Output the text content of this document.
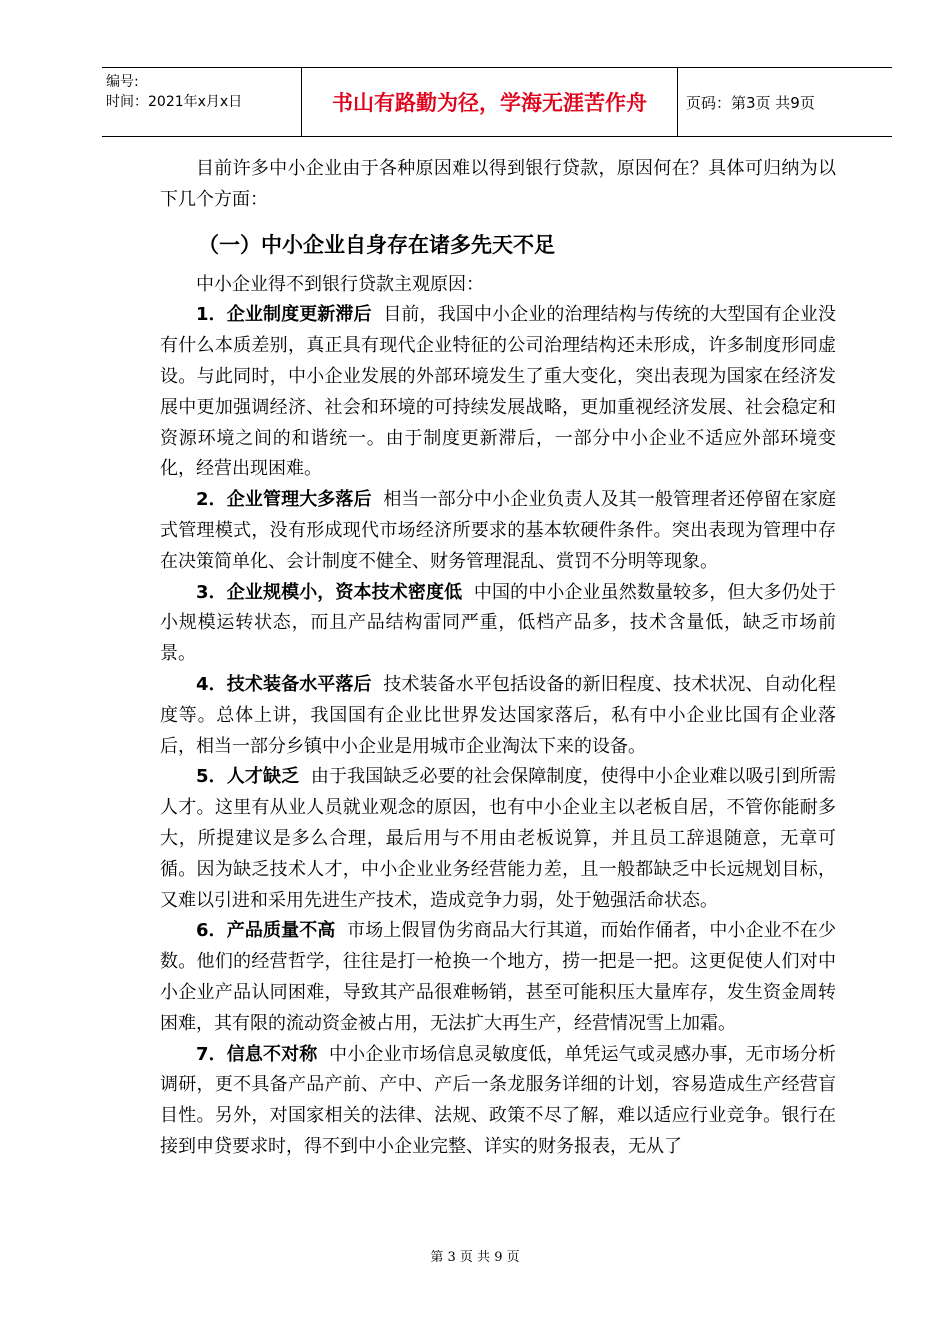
编号:
时间：2021年x月x日	书山有路勤为径，学海无涯苦作舟	页码：第3页 共9页

目前许多中小企业由于各种原因难以得到银行贷款，原因何在？具体可归纳为以下几个方面：

（一）中小企业自身存在诸多先天不足

中小企业得不到银行贷款主观原因：

1．企业制度更新滞后 目前，我国中小企业的治理结构与传统的大型国有企业没有什么本质差别，真正具有现代企业特征的公司治理结构还未形成，许多制度形同虚设。与此同时，中小企业发展的外部环境发生了重大变化，突出表现为国家在经济发展中更加强调经济、社会和环境的可持续发展战略，更加重视经济发展、社会稳定和资源环境之间的和谐统一。由于制度更新滞后，一部分中小企业不适应外部环境变化，经营出现困难。

2．企业管理大多落后 相当一部分中小企业负责人及其一般管理者还停留在家庭式管理模式，没有形成现代市场经济所要求的基本软硬件条件。突出表现为管理中存在决策简单化、会计制度不健全、财务管理混乱、赏罚不分明等现象。

3．企业规模小，资本技术密度低 中国的中小企业虽然数量较多，但大多仍处于小规模运转状态，而且产品结构雷同严重，低档产品多，技术含量低，缺乏市场前景。

4．技术装备水平落后 技术装备水平包括设备的新旧程度、技术状况、自动化程度等。总体上讲，我国国有企业比世界发达国家落后，私有中小企业比国有企业落后，相当一部分乡镇中小企业是用城市企业淘汰下来的设备。

5．人才缺乏 由于我国缺乏必要的社会保障制度，使得中小企业难以吸引到所需人才。这里有从业人员就业观念的原因，也有中小企业主以老板自居，不管你能耐多大，所提建议是多么合理，最后用与不用由老板说算，并且员工辞退随意，无章可循。因为缺乏技术人才，中小企业业务经营能力差，且一般都缺乏中长远规划目标，又难以引进和采用先进生产技术，造成竞争力弱，处于勉强活命状态。

6．产品质量不高 市场上假冒伪劣商品大行其道，而始作俑者，中小企业不在少数。他们的经营哲学，往往是打一枪换一个地方，捞一把是一把。这更促使人们对中小企业产品认同困难，导致其产品很难畅销，甚至可能积压大量库存，发生资金周转困难，其有限的流动资金被占用，无法扩大再生产，经营情况雪上加霜。

7．信息不对称 中小企业市场信息灵敏度低，单凭运气或灵感办事，无市场分析调研，更不具备产品产前、产中、产后一条龙服务详细的计划，容易造成生产经营盲目性。另外，对国家相关的法律、法规、政策不尽了解，难以适应行业竞争。银行在接到申贷要求时，得不到中小企业完整、详实的财务报表，无从了

第 3 页 共 9 页
